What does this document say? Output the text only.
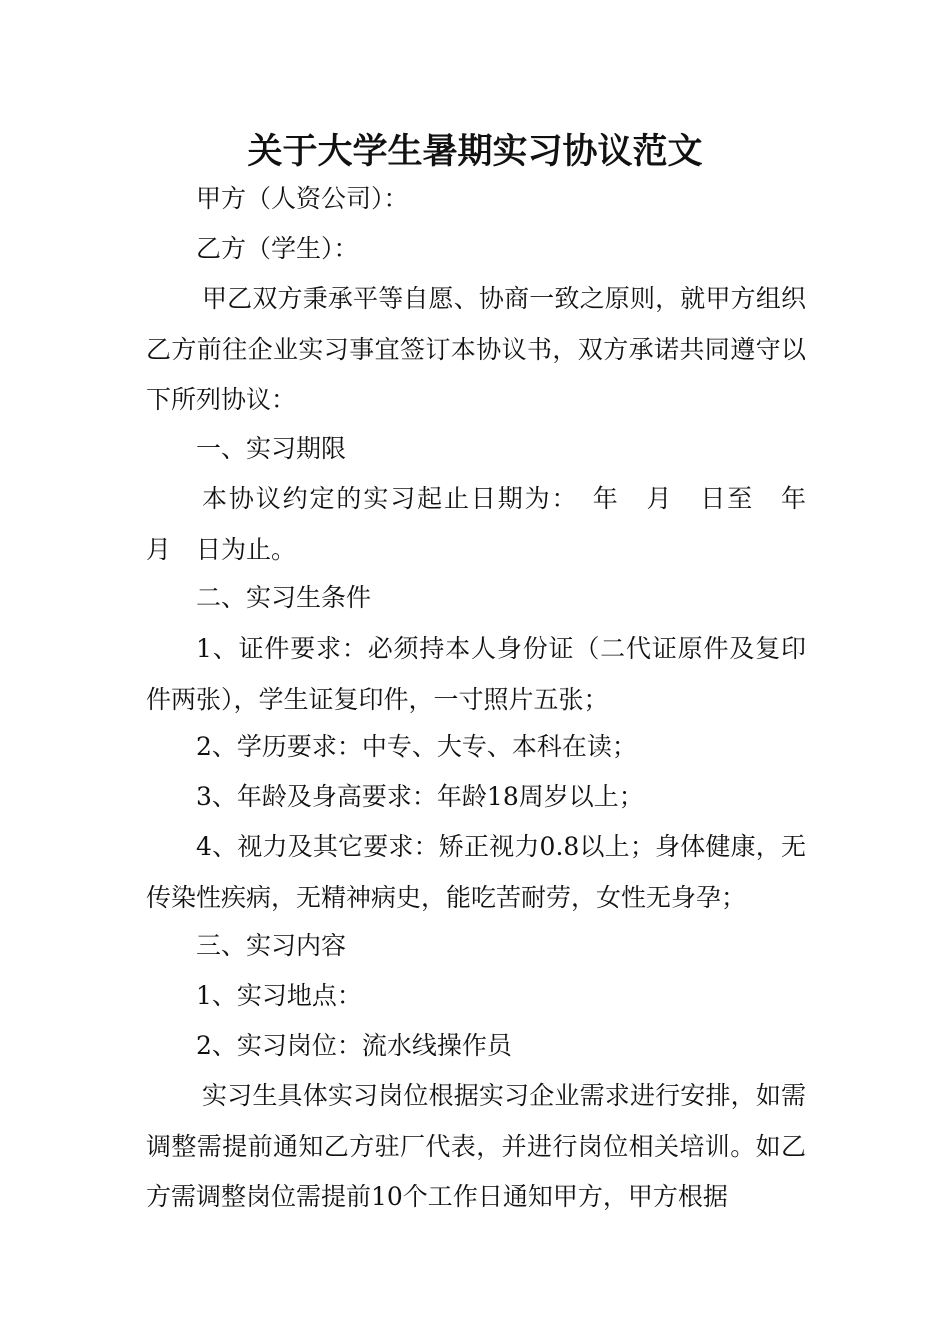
关于大学生暑期实习协议范文
甲方（人资公司）：
乙方（学生）：

甲乙双方秉承平等自愿、协商一致之原则，就甲方组织乙方前往企业实习事宜签订本协议书，双方承诺共同遵守以下所列协议：

一、实习期限

本协议约定的实习起止日期为：　年　月　日至　年　月　日为止。

二、实习生条件

1、证件要求：必须持本人身份证（二代证原件及复印件两张），学生证复印件，一寸照片五张；

2、学历要求：中专、大专、本科在读；
3、年龄及身高要求：年龄18周岁以上；

4、视力及其它要求：矫正视力0.8以上；身体健康，无传染性疾病，无精神病史，能吃苦耐劳，女性无身孕；

三、实习内容
1、实习地点：
2、实习岗位：流水线操作员

实习生具体实习岗位根据实习企业需求进行安排，如需调整需提前通知乙方驻厂代表，并进行岗位相关培训。如乙方需调整岗位需提前10个工作日通知甲方，甲方根据
